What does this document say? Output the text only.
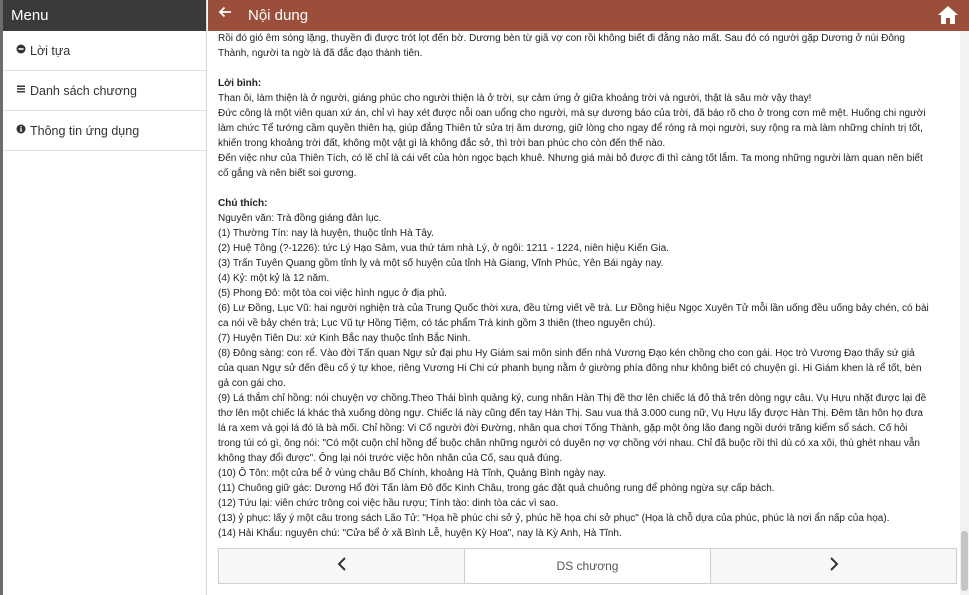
Menu
Lời tựa
Danh sách chương
Thông tin ứng dụng
Nội dung

Rồi đó gió êm sóng lặng, thuyền đi được trót lọt đến bờ. Dương bèn từ giã vợ con rồi không biết đi đằng nào mất. Sau đó có người gặp Dương ở núi Đông

Thành, người ta ngờ là đã đắc đạo thành tiên.

Lời bình:

Than ôi, làm thiện là ở người, giáng phúc cho người thiện là ở trời, sự cảm ứng ở giữa khoảng trời và người, thật là sâu mờ vậy thay!

Đức công là một viên quan xứ án, chỉ vì hay xét được nỗi oan uổng cho người, mà sự dương báo của trời, đã báo rõ cho ở trong cơn mê mệt. Huống chi người

làm chức Tể tướng cầm quyền thiên hạ, giúp đắng Thiên tử sửa trị âm dương, giữ lòng cho ngay để róng rả mọi người, suy rộng ra mà làm những chính trị tốt,

khiến trong khoảng trời đất, không một vật gì là không đắc sở, thì trời ban phúc cho còn đến thế nào.

Đến việc như của Thiên Tích, có lẽ chỉ là cái vết của hòn ngọc bạch khuê. Nhưng giá mài bỏ được đi thì càng tốt lắm. Ta mong những người làm quan nên biết

cố gắng và nên biết soi gương.

Chú thích:

Nguyên văn: Trà đồng giáng đản lục.

(1) Thường Tín: nay là huyện, thuộc tỉnh Hà Tây.

(2) Huệ Tông (?-1226): tức Lý Hạo Sảm, vua thứ tám nhà Lý, ở ngôi: 1211 - 1224, niên hiệu Kiến Gia.

(3) Trấn Tuyên Quang gồm tỉnh lỵ và một số huyện của tỉnh Hà Giang, Vĩnh Phúc, Yên Bái ngày nay.

(4) Kỷ: một kỷ là 12 năm.

(5) Phong Đô: một tòa coi việc hình ngục ở địa phủ.

(6) Lư Đồng, Lục Vũ: hai người nghiện trà của Trung Quốc thời xưa, đều từng viết về trà. Lư Đồng hiệu Ngọc Xuyên Tử mỗi lần uống đều uống bảy chén, có bài

ca nói về bảy chén trà; Lục Vũ tự Hồng Tiệm, có tác phẩm Trà kinh gồm 3 thiên (theo nguyên chú).

(7) Huyện Tiên Du: xứ Kinh Bắc nay thuộc tỉnh Bắc Ninh.

(8) Đông sàng: con rể. Vào đời Tấn quan Ngự sử đại phu Hy Giám sai môn sinh đến nhà Vương Đạo kén chồng cho con gái. Học trò Vương Đạo thấy sứ giả

của quan Ngự sử đến đều cố ý tự khoe, riêng Vương Hi Chi cứ phanh bụng nằm ở giường phía đông như không biết có chuyện gì. Hi Giám khen là rể tốt, bèn

gả con gái cho.

(9) Lá thắm chỉ hồng: nói chuyện vợ chồng.Theo Thái bình quảng ký, cung nhân Hàn Thị đề thơ lên chiếc lá đỏ thả trên dòng ngự câu. Vụ Hựu nhặt được lại đề

thơ lên một chiếc lá khác thả xuống dòng ngự. Chiếc lá này cũng đến tay Hàn Thị. Sau vua thả 3.000 cung nữ, Vụ Hựu lấy được Hàn Thị. Đêm tân hôn họ đưa

lá ra xem và gọi lá đó là bà mối. Chỉ hồng: Vi Cố người đời Đường, nhân qua chơi Tống Thành, gặp một ông lão đang ngồi dưới trăng kiểm sổ sách. Cố hỏi

trong túi có gì, ông nói: "Có một cuộn chỉ hồng để buộc chân những người có duyên nợ vợ chồng với nhau. Chỉ đã buộc rồi thì dù có xa xôi, thù ghét nhau vẫn

không thay đổi được". Ông lại nói trước việc hôn nhân của Cố, sau quả đúng.

(10) Ô Tôn: một cửa bể ở vùng châu Bố Chính, khoảng Hà Tĩnh, Quảng Bình ngày nay.

(11) Chuông giữ gác: Dương Hổ đời Tấn làm Đô đốc Kinh Châu, trong gác đặt quả chuông rung để phòng ngừa sự cấp bách.

(12) Tứu lại: viên chức trông coi việc hầu rượu; Tính tào: dinh tòa các vì sao.

(13) ỷ phục: lấy ý một câu trong sách Lão Tử: "Họa hề phúc chi sở ỷ, phúc hề họa chi sở phục" (Họa là chỗ dựa của phúc, phúc là nơi ẩn nấp của họa).

(14) Hải Khẩu: nguyên chú: "Cửa bể ở xã Bình Lễ, huyện Kỳ Hoa", nay là Kỳ Anh, Hà Tĩnh.

DS chương
